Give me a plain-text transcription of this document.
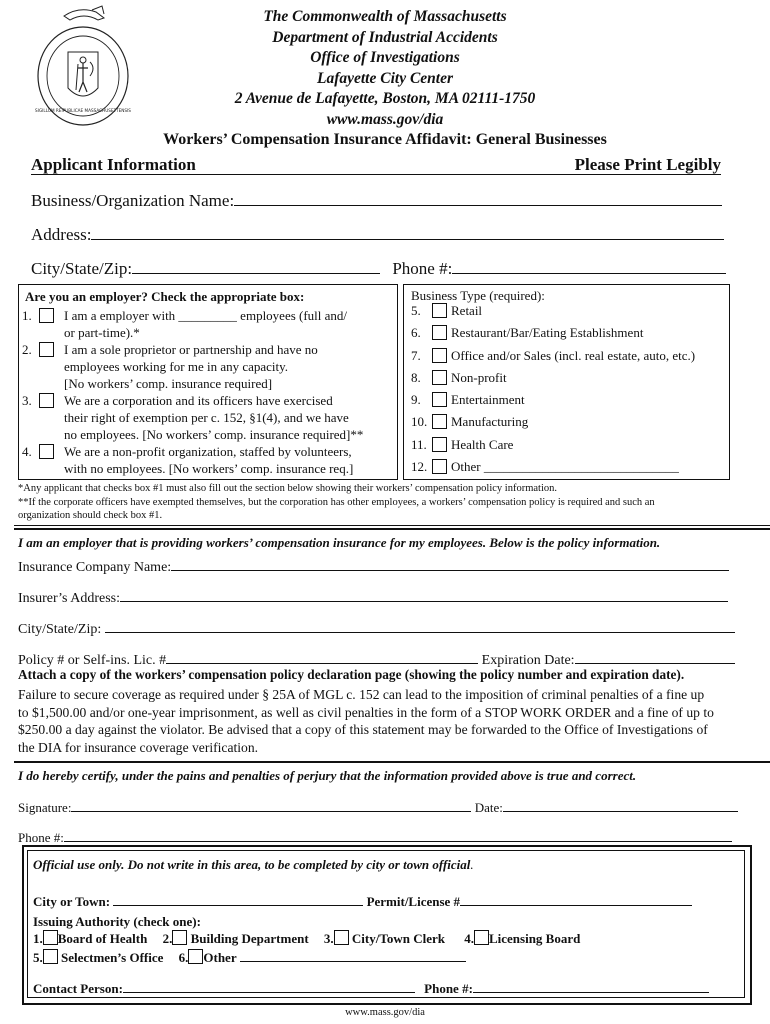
SIGILLUM REIPUBLICAE MASSACHUSETTENSIS
The Commonwealth of Massachusetts
Department of Industrial Accidents
Office of Investigations
Lafayette City Center
2 Avenue de Lafayette, Boston, MA 02111-1750
www.mass.gov/dia
Workers’ Compensation Insurance Affidavit: General Businesses
Applicant Information	Please Print Legibly
Business/Organization Name:
Address:
City/State/Zip:	Phone #:
Are you an employer? Check the appropriate box:
1. I am a employer with _________ employees (full and/
or part-time).*
2. I am a sole proprietor or partnership and have no
employees working for me in any capacity.
[No workers’ comp. insurance required]
3. We are a corporation and its officers have exercised
their right of exemption per c. 152, §1(4), and we have
no employees. [No workers’ comp. insurance required]**
4. We are a non-profit organization, staffed by volunteers,
with no employees. [No workers’ comp. insurance req.]
Business Type (required):
5. Retail
6. Restaurant/Bar/Eating Establishment
7. Office and/or Sales (incl. real estate, auto, etc.)
8. Non-profit
9. Entertainment
10. Manufacturing
11. Health Care
12. Other ______________________________
*Any applicant that checks box #1 must also fill out the section below showing their workers’ compensation policy information.
**If the corporate officers have exempted themselves, but the corporation has other employees, a workers’ compensation policy is required and such an
organization should check box #1.
I am an employer that is providing workers’ compensation insurance for my employees. Below is the policy information.
Insurance Company Name:
Insurer’s Address:
City/State/Zip:
Policy # or Self-ins. Lic. #	Expiration Date:
Attach a copy of the workers’ compensation policy declaration page (showing the policy number and expiration date).
Failure to secure coverage as required under § 25A of MGL c. 152 can lead to the imposition of criminal penalties of a fine up
to $1,500.00 and/or one-year imprisonment, as well as civil penalties in the form of a STOP WORK ORDER and a fine of up to
$250.00 a day against the violator. Be advised that a copy of this statement may be forwarded to the Office of Investigations of
the DIA for insurance coverage verification.
I do hereby certify, under the pains and penalties of perjury that the information provided above is true and correct.
Signature:	Date:
Phone #:
Official use only. Do not write in this area, to be completed by city or town official.
City or Town:	Permit/License #
Issuing Authority (check one):
1. Board of Health 2. Building Department 3. City/Town Clerk 4. Licensing Board
5. Selectmen’s Office 6. Other
Contact Person:	Phone #:
www.mass.gov/dia
